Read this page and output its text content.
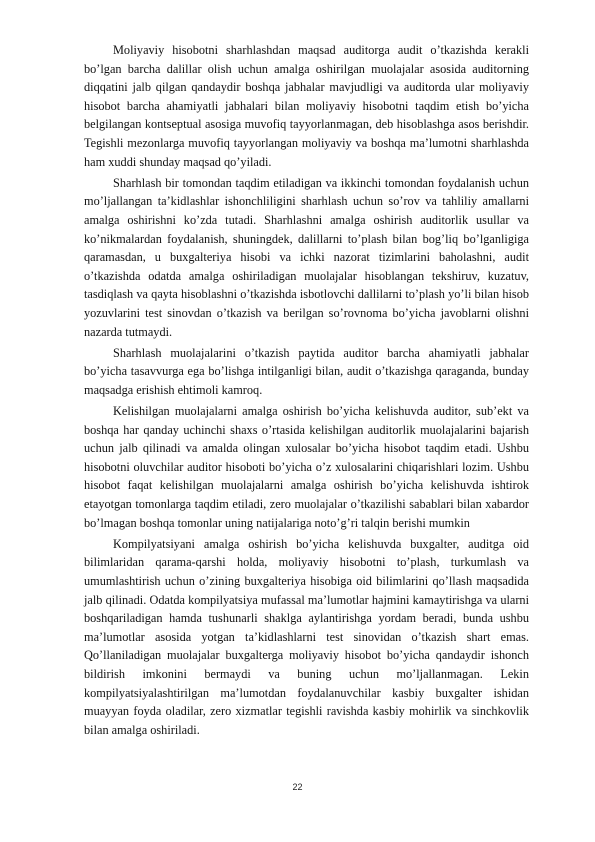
Moliyaviy hisobotni sharhlashdan maqsad auditorga audit o’tkazishda kerakli bo’lgan barcha dalillar olish uchun amalga oshirilgan muolajalar asosida auditorning diqqatini jalb qilgan qandaydir boshqa jabhalar mavjudligi va auditorda ular moliyaviy hisobot barcha ahamiyatli jabhalari bilan moliyaviy hisobotni taqdim etish bo’yicha belgilangan kontseptual asosiga muvofiq tayyorlanmagan, deb hisoblashga asos berishdir. Tegishli mezonlarga muvofiq tayyorlangan moliyaviy va boshqa ma’lumotni sharhlashda ham xuddi shunday maqsad qo’yiladi.

Sharhlash bir tomondan taqdim etiladigan va ikkinchi tomondan foydalanish uchun mo’ljallangan ta’kidlashlar ishonchliligini sharhlash uchun so’rov va tahliliy amallarni amalga oshirishni ko’zda tutadi. Sharhlashni amalga oshirish auditorlik usullar va ko’nikmalardan foydalanish, shuningdek, dalillarni to’plash bilan bog’liq bo’lganligiga qaramasdan, u buxgalteriya hisobi va ichki nazorat tizimlarini baholashni, audit o’tkazishda odatda amalga oshiriladigan muolajalar hisoblangan tekshiruv, kuzatuv, tasdiqlash va qayta hisoblashni o’tkazishda isbotlovchi dallilarni to’plash yo’li bilan hisob yozuvlarini test sinovdan o’tkazish va berilgan so’rovnoma bo’yicha javoblarni olishni nazarda tutmaydi.

Sharhlash muolajalarini o’tkazish paytida auditor barcha ahamiyatli jabhalar bo’yicha tasavvurga ega bo’lishga intilganligi bilan, audit o’tkazishga qaraganda, bunday maqsadga erishish ehtimoli kamroq.

Kelishilgan muolajalarni amalga oshirish bo’yicha kelishuvda auditor, sub’ekt va boshqa har qanday uchinchi shaxs o’rtasida kelishilgan auditorlik muolajalarini bajarish uchun jalb qilinadi va amalda olingan xulosalar bo’yicha hisobot taqdim etadi. Ushbu hisobotni oluvchilar auditor hisoboti bo’yicha o’z xulosalarini chiqarishlari lozim. Ushbu hisobot faqat kelishilgan muolajalarni amalga oshirish bo’yicha kelishuvda ishtirok etayotgan tomonlarga taqdim etiladi, zero muolajalar o’tkazilishi sabablari bilan xabardor bo’lmagan boshqa tomonlar uning natijalariga noto’g’ri talqin berishi mumkin

Kompilyatsiyani amalga oshirish bo’yicha kelishuvda buxgalter, auditga oid bilimlaridan qarama-qarshi holda, moliyaviy hisobotni to’plash, turkumlash va umumlashtirish uchun o’zining buxgalteriya hisobiga oid bilimlarini qo’llash maqsadida jalb qilinadi. Odatda kompilyatsiya mufassal ma’lumotlar hajmini kamaytirishga va ularni boshqariladigan hamda tushunarli shaklga aylantirishga yordam beradi, bunda ushbu ma’lumotlar asosida yotgan ta’kidlashlarni test sinovidan o’tkazish shart emas. Qo’llaniladigan muolajalar buxgalterga moliyaviy hisobot bo’yicha qandaydir ishonch bildirish imkonini bermaydi va buning uchun mo’ljallanmagan. Lekin kompilyatsiyalashtirilgan ma’lumotdan foydalanuvchilar kasbiy buxgalter ishidan muayyan foyda oladilar, zero xizmatlar tegishli ravishda kasbiy mohirlik va sinchkovlik bilan amalga oshiriladi.

22
